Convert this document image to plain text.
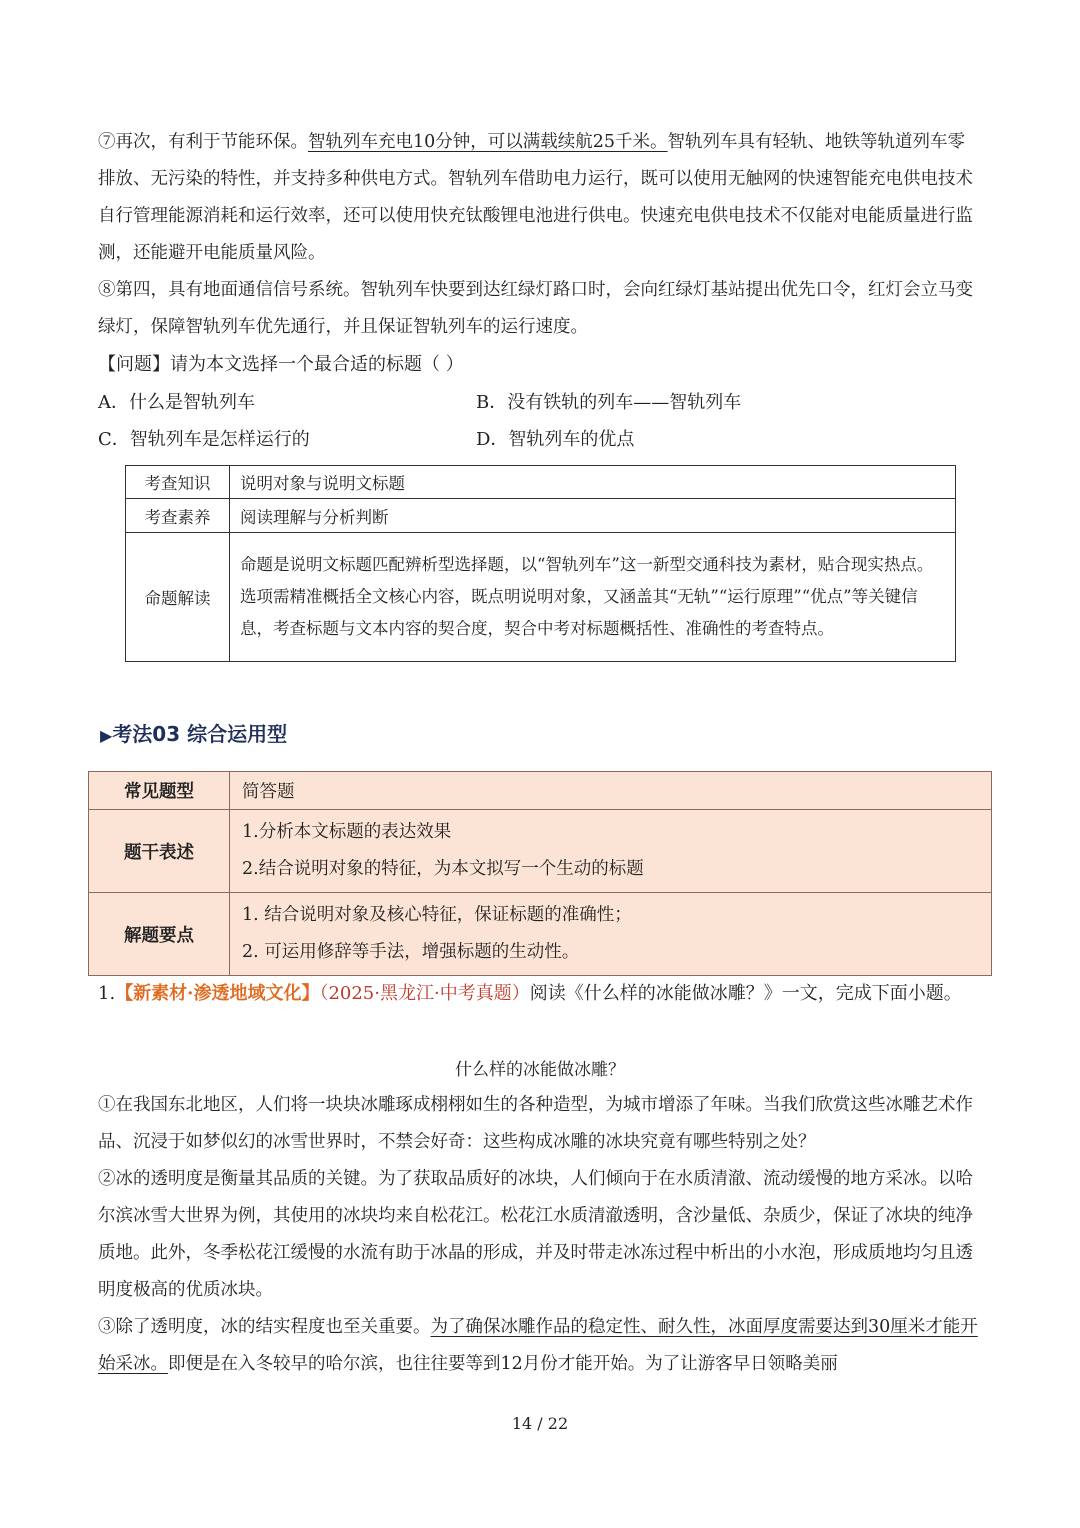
⑦再次，有利于节能环保。智轨列车充电10分钟，可以满载续航25千米。智轨列车具有轻轨、地铁等轨道列车零排放、无污染的特性，并支持多种供电方式。智轨列车借助电力运行，既可以使用无触网的快速智能充电供电技术自行管理能源消耗和运行效率，还可以使用快充钛酸锂电池进行供电。快速充电供电技术不仅能对电能质量进行监测，还能避开电能质量风险。

⑧第四，具有地面通信信号系统。智轨列车快要到达红绿灯路口时，会向红绿灯基站提出优先口令，红灯会立马变绿灯，保障智轨列车优先通行，并且保证智轨列车的运行速度。

【问题】请为本文选择一个最合适的标题（ ）

A．什么是智轨列车	B．没有铁轨的列车——智轨列车
C．智轨列车是怎样运行的	D．智轨列车的优点
考查知识	说明对象与说明文标题
考查素养	阅读理解与分析判断
命题解读	命题是说明文标题匹配辨析型选择题，以“智轨列车”这一新型交通科技为素材，贴合现实热点。选项需精准概括全文核心内容，既点明说明对象，又涵盖其“无轨”“运行原理”“优点”等关键信息，考查标题与文本内容的契合度，契合中考对标题概括性、准确性的考查特点。
▶考法03 综合运用型
常见题型	简答题
题干表述	1.分析本文标题的表达效果
2.结合说明对象的特征，为本文拟写一个生动的标题

解题要点	1. 结合说明对象及核心特征，保证标题的准确性；
2. 可运用修辞等手法，增强标题的生动性。

1.【新素材·渗透地域文化】（2025·黑龙江·中考真题）阅读《什么样的冰能做冰雕？》一文，完成下面小题。

什么样的冰能做冰雕？

①在我国东北地区，人们将一块块冰雕琢成栩栩如生的各种造型，为城市增添了年味。当我们欣赏这些冰雕艺术作品、沉浸于如梦似幻的冰雪世界时，不禁会好奇：这些构成冰雕的冰块究竟有哪些特别之处？

②冰的透明度是衡量其品质的关键。为了获取品质好的冰块，人们倾向于在水质清澈、流动缓慢的地方采冰。以哈尔滨冰雪大世界为例，其使用的冰块均来自松花江。松花江水质清澈透明，含沙量低、杂质少，保证了冰块的纯净质地。此外，冬季松花江缓慢的水流有助于冰晶的形成，并及时带走冰冻过程中析出的小水泡，形成质地均匀且透明度极高的优质冰块。

③除了透明度，冰的结实程度也至关重要。为了确保冰雕作品的稳定性、耐久性，冰面厚度需要达到30厘米才能开始采冰。即便是在入冬较早的哈尔滨，也往往要等到12月份才能开始。为了让游客早日领略美丽

14 / 22
